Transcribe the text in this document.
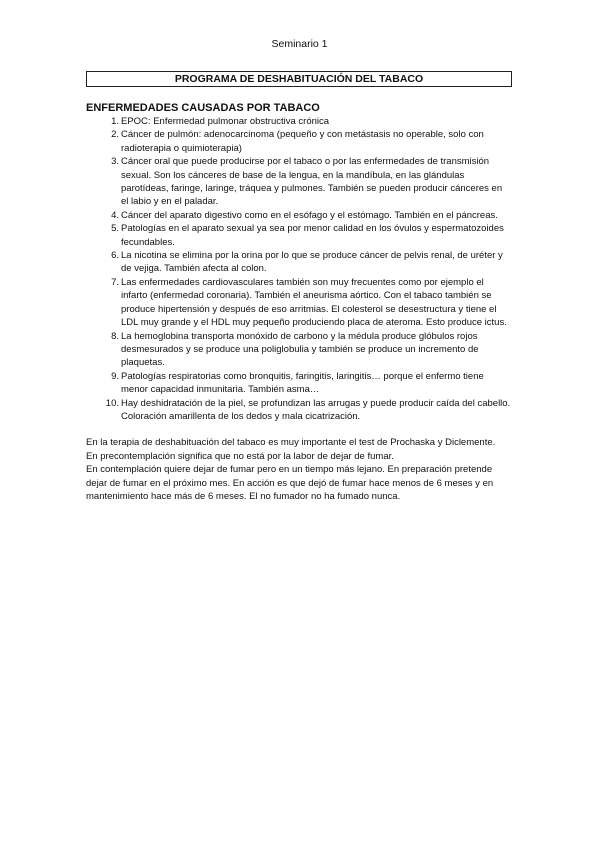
Seminario 1
PROGRAMA DE DESHABITUACIÓN DEL TABACO
ENFERMEDADES CAUSADAS POR TABACO
1. EPOC: Enfermedad pulmonar obstructiva crónica
2. Cáncer de pulmón: adenocarcinoma (pequeño y con metástasis no operable, solo con radioterapia o quimioterapia)
3. Cáncer oral que puede producirse por el tabaco o por las enfermedades de transmisión sexual. Son los cánceres de base de la lengua, en la mandíbula, en las glándulas parotídeas, faringe, laringe, tráquea y pulmones. También se pueden producir cánceres en el labio y en el paladar.
4. Cáncer del aparato digestivo como en el esófago y el estómago. También en el páncreas.
5. Patologías en el aparato sexual ya sea por menor calidad en los óvulos y espermatozoides fecundables.
6. La nicotina se elimina por la orina por lo que se produce cáncer de pelvis renal, de uréter y de vejiga. También afecta al colon.
7. Las enfermedades cardiovasculares también son muy frecuentes como por ejemplo el infarto (enfermedad coronaria). También el aneurisma aórtico. Con el tabaco también se produce hipertensión y después de eso arritmias. El colesterol se desestructura y tiene el LDL muy grande y el HDL muy pequeño produciendo placa de ateroma. Esto produce ictus.
8. La hemoglobina transporta monóxido de carbono y la médula produce glóbulos rojos desmesurados y se produce una poliglobulia y también se produce un incremento de plaquetas.
9. Patologías respiratorias como bronquitis, faringitis, laringitis… porque el enfermo tiene menor capacidad inmunitaria. También asma…
10. Hay deshidratación de la piel, se profundizan las arrugas y puede producir caída del cabello. Coloración amarillenta de los dedos y mala cicatrización.

En la terapia de deshabituación del tabaco es muy importante el test de Prochaska y Diclemente.

En precontemplación significa que no está por la labor de dejar de fumar.

En contemplación quiere dejar de fumar pero en un tiempo más lejano. En preparación pretende dejar de fumar en el próximo mes. En acción es que dejó de fumar hace menos de 6 meses y en mantenimiento hace más de 6 meses. El no fumador no ha fumado nunca.
